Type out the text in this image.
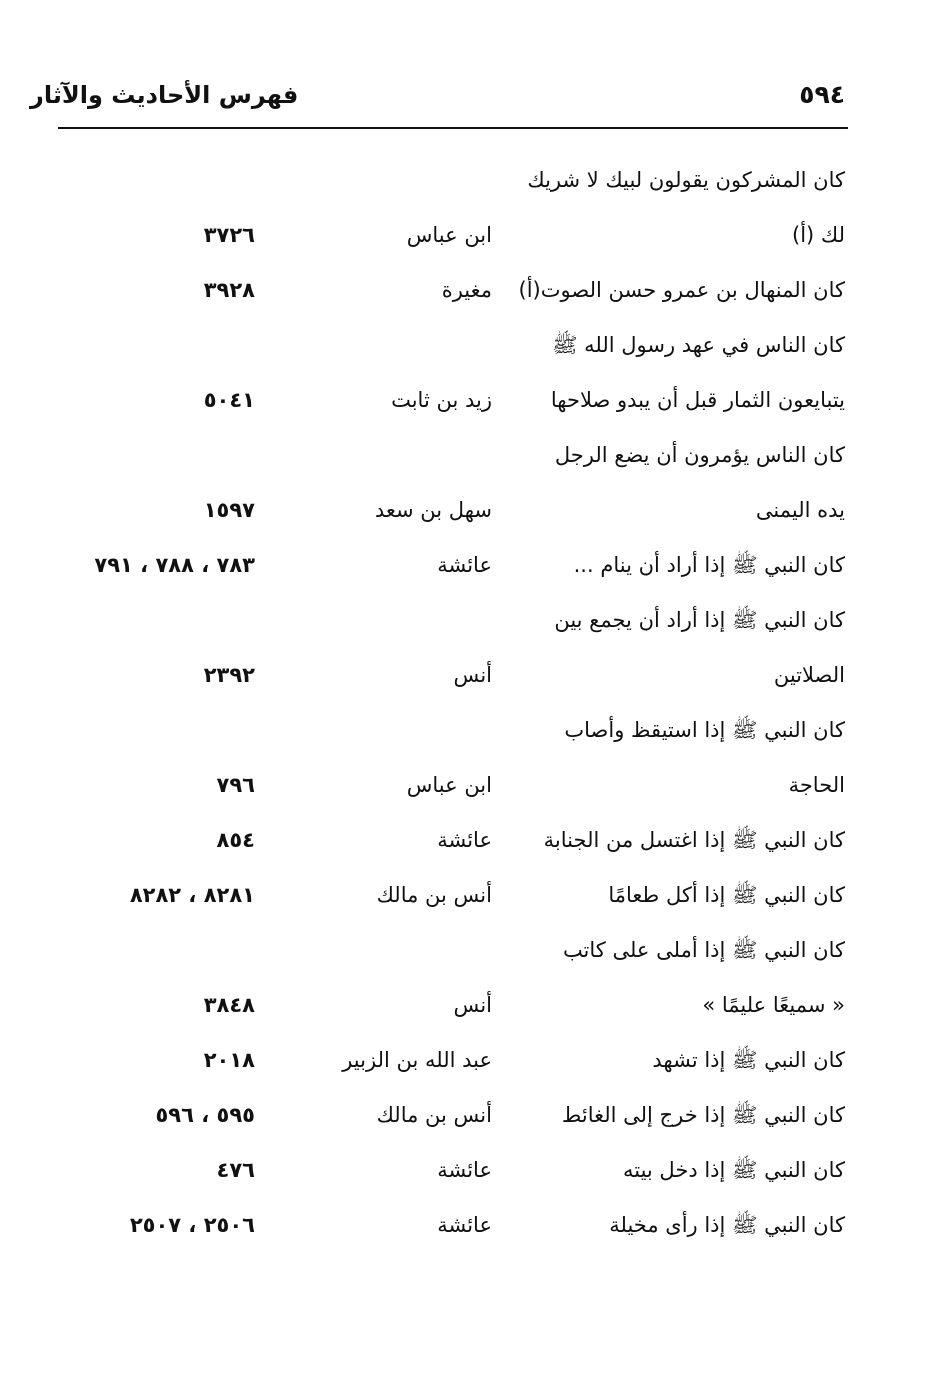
فهرس الأحاديث والآثار	٥٩٤
كان المشركون يقولون لبيك لا شريك
لك (أ)
ابن عباس
٣٧٢٦
كان المنهال بن عمرو حسن الصوت(أ)
مغيرة
٣٩٢٨
كان الناس في عهد رسول الله ﷺ
يتبايعون الثمار قبل أن يبدو صلاحها
زيد بن ثابت
٥٠٤١
كان الناس يؤمرون أن يضع الرجل
يده اليمنى
سهل بن سعد
١٥٩٧
كان النبي ﷺ إذا أراد أن ينام ...
عائشة
٧٨٣ ، ٧٨٨ ، ٧٩١
كان النبي ﷺ إذا أراد أن يجمع بين
الصلاتين
أنس
٢٣٩٢
كان النبي ﷺ إذا استيقظ وأصاب
الحاجة
ابن عباس
٧٩٦
كان النبي ﷺ إذا اغتسل من الجنابة
عائشة
٨٥٤
كان النبي ﷺ إذا أكل طعامًا
أنس بن مالك
٨٢٨١ ، ٨٢٨٢
كان النبي ﷺ إذا أملى على كاتب
« سميعًا عليمًا »
أنس
٣٨٤٨
كان النبي ﷺ إذا تشهد
عبد الله بن الزبير
٢٠١٨
كان النبي ﷺ إذا خرج إلى الغائط
أنس بن مالك
٥٩٥ ، ٥٩٦
كان النبي ﷺ إذا دخل بيته
عائشة
٤٧٦
كان النبي ﷺ إذا رأى مخيلة
عائشة
٢٥٠٦ ، ٢٥٠٧
